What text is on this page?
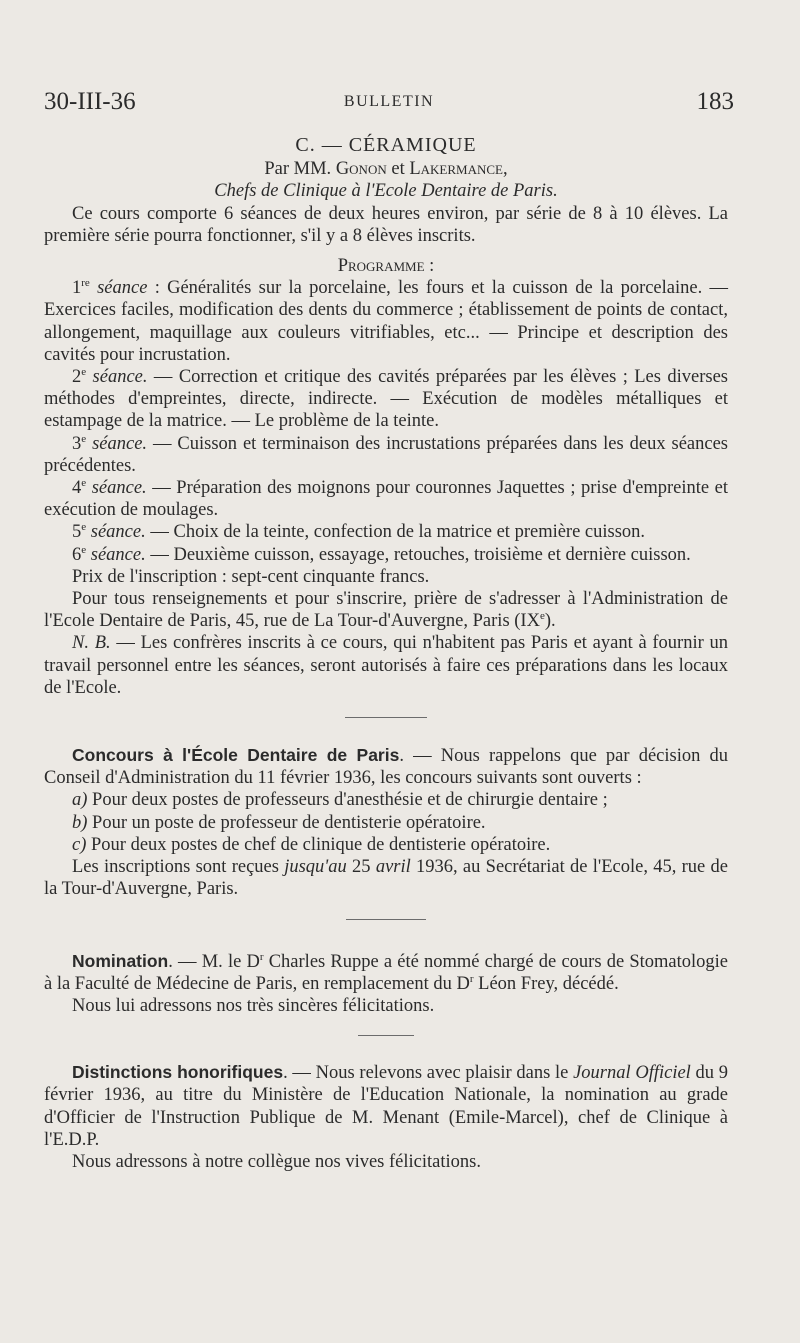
30-III-36	BULLETIN	183

C. — CÉRAMIQUE

Par MM. Gonon et Lakermance,

Chefs de Clinique à l'Ecole Dentaire de Paris.

Ce cours comporte 6 séances de deux heures environ, par série de 8 à 10 élèves. La première série pourra fonctionner, s'il y a 8 élèves inscrits.

Programme :

1re séance : Généralités sur la porcelaine, les fours et la cuisson de la porcelaine. — Exercices faciles, modification des dents du commerce ; établissement de points de contact, allongement, maquillage aux couleurs vitrifiables, etc... — Principe et description des cavités pour incrustation.

2e séance. — Correction et critique des cavités préparées par les élèves ; Les diverses méthodes d'empreintes, directe, indirecte. — Exécution de modèles métalliques et estampage de la matrice. — Le problème de la teinte.

3e séance. — Cuisson et terminaison des incrustations préparées dans les deux séances précédentes.

4e séance. — Préparation des moignons pour couronnes Jaquettes ; prise d'empreinte et exécution de moulages.

5e séance. — Choix de la teinte, confection de la matrice et première cuisson.

6e séance. — Deuxième cuisson, essayage, retouches, troisième et dernière cuisson.

Prix de l'inscription : sept-cent cinquante francs.

Pour tous renseignements et pour s'inscrire, prière de s'adresser à l'Administration de l'Ecole Dentaire de Paris, 45, rue de La Tour-d'Auvergne, Paris (IXe).

N. B. — Les confrères inscrits à ce cours, qui n'habitent pas Paris et ayant à fournir un travail personnel entre les séances, seront autorisés à faire ces préparations dans les locaux de l'Ecole.

Concours à l'École Dentaire de Paris. — Nous rappelons que par décision du Conseil d'Administration du 11 février 1936, les concours suivants sont ouverts :

a) Pour deux postes de professeurs d'anesthésie et de chirurgie dentaire ;

b) Pour un poste de professeur de dentisterie opératoire.

c) Pour deux postes de chef de clinique de dentisterie opératoire.

Les inscriptions sont reçues jusqu'au 25 avril 1936, au Secrétariat de l'Ecole, 45, rue de la Tour-d'Auvergne, Paris.

Nomination. — M. le $D^r$ Charles Ruppe a été nommé chargé de cours de Stomatologie à la Faculté de Médecine de Paris, en remplacement du $D^r$ Léon Frey, décédé.

Nous lui adressons nos très sincères félicitations.

Distinctions honorifiques. — Nous relevons avec plaisir dans le Journal Officiel du 9 février 1936, au titre du Ministère de l'Education Nationale, la nomination au grade d'Officier de l'Instruction Publique de M. Menant (Emile-Marcel), chef de Clinique à l'E.D.P.

Nous adressons à notre collègue nos vives félicitations.
